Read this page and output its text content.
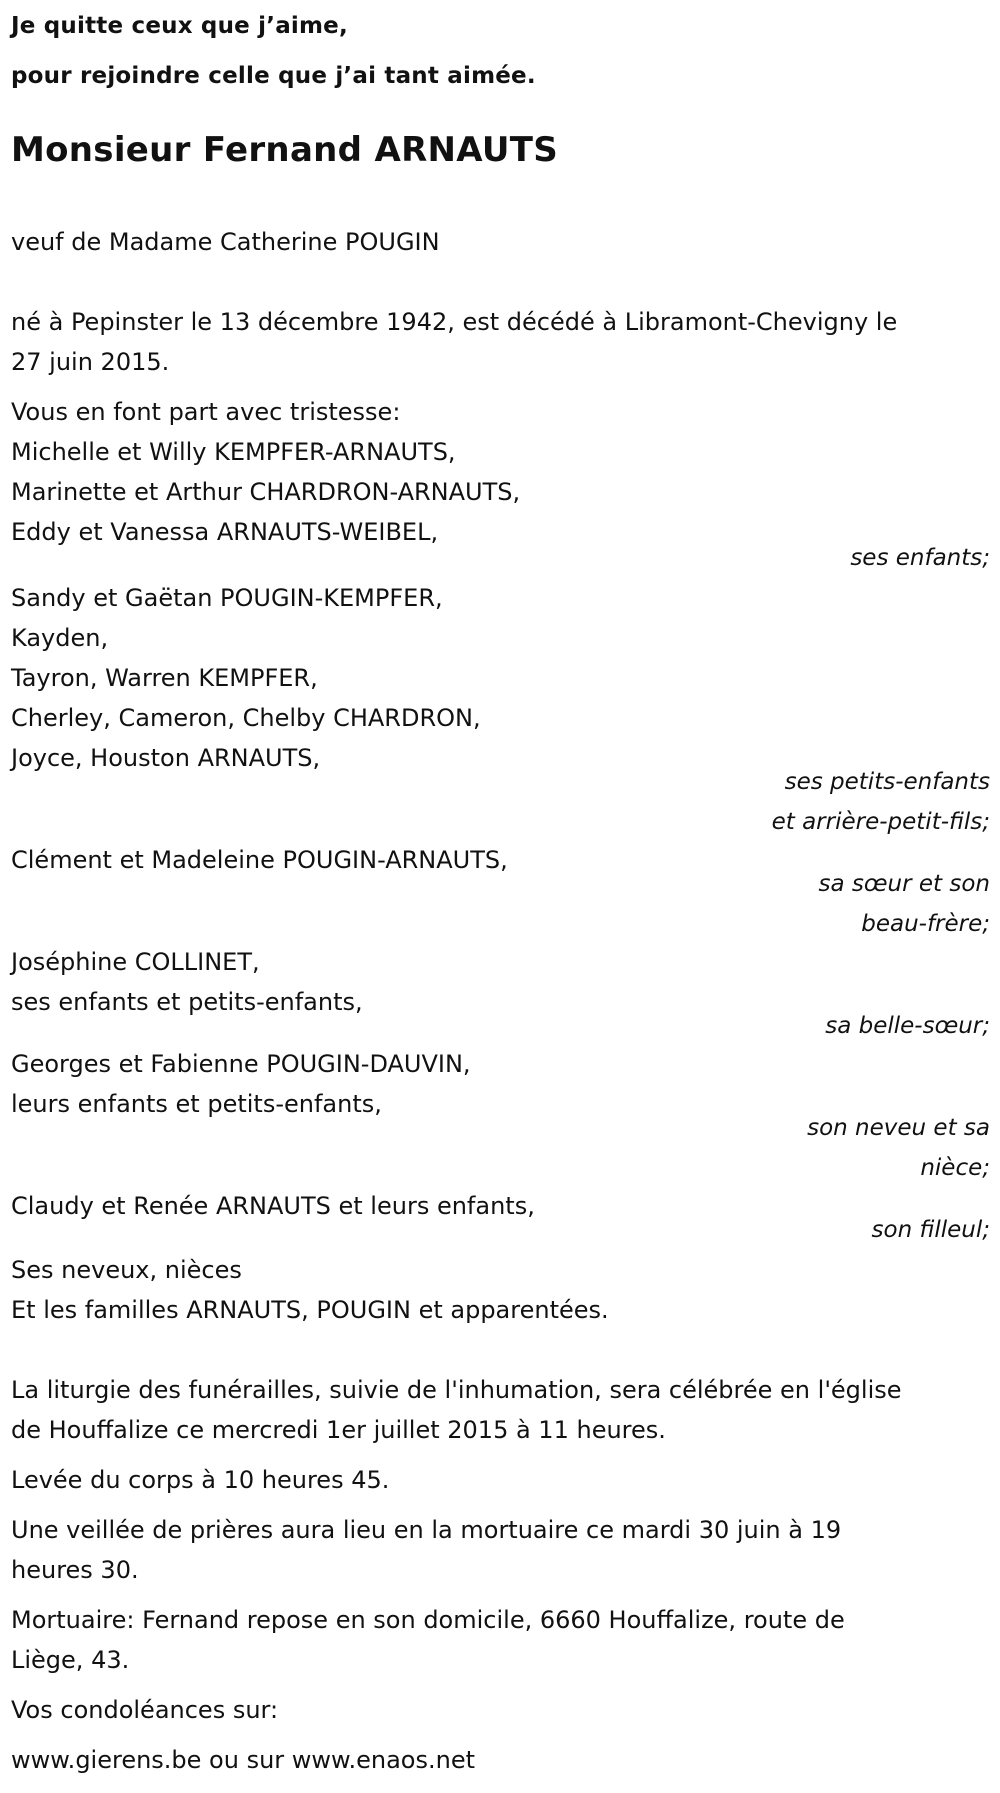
Je quitte ceux que j’aime,
pour rejoindre celle que j’ai tant aimée.
Monsieur Fernand ARNAUTS
veuf de Madame Catherine POUGIN
né à Pepinster le 13 décembre 1942, est décédé à Libramont-Chevigny le
27 juin 2015.
Vous en font part avec tristesse:
Michelle et Willy KEMPFER-ARNAUTS,
Marinette et Arthur CHARDRON-ARNAUTS,
Eddy et Vanessa ARNAUTS-WEIBEL,
ses enfants;
Sandy et Gaëtan POUGIN-KEMPFER,
Kayden,
Tayron, Warren KEMPFER,
Cherley, Cameron, Chelby CHARDRON,
Joyce, Houston ARNAUTS,
ses petits-enfants
et arrière-petit-fils;
Clément et Madeleine POUGIN-ARNAUTS,
sa sœur et son
beau-frère;
Joséphine COLLINET,
ses enfants et petits-enfants,
sa belle-sœur;
Georges et Fabienne POUGIN-DAUVIN,
leurs enfants et petits-enfants,
son neveu et sa
nièce;
Claudy et Renée ARNAUTS et leurs enfants,
son filleul;
Ses neveux, nièces
Et les familles ARNAUTS, POUGIN et apparentées.
La liturgie des funérailles, suivie de l'inhumation, sera célébrée en l'église
de Houffalize ce mercredi 1er juillet 2015 à 11 heures.
Levée du corps à 10 heures 45.
Une veillée de prières aura lieu en la mortuaire ce mardi 30 juin à 19
heures 30.
Mortuaire: Fernand repose en son domicile, 6660 Houffalize, route de
Liège, 43.
Vos condoléances sur:
www.gierens.be ou sur www.enaos.net
